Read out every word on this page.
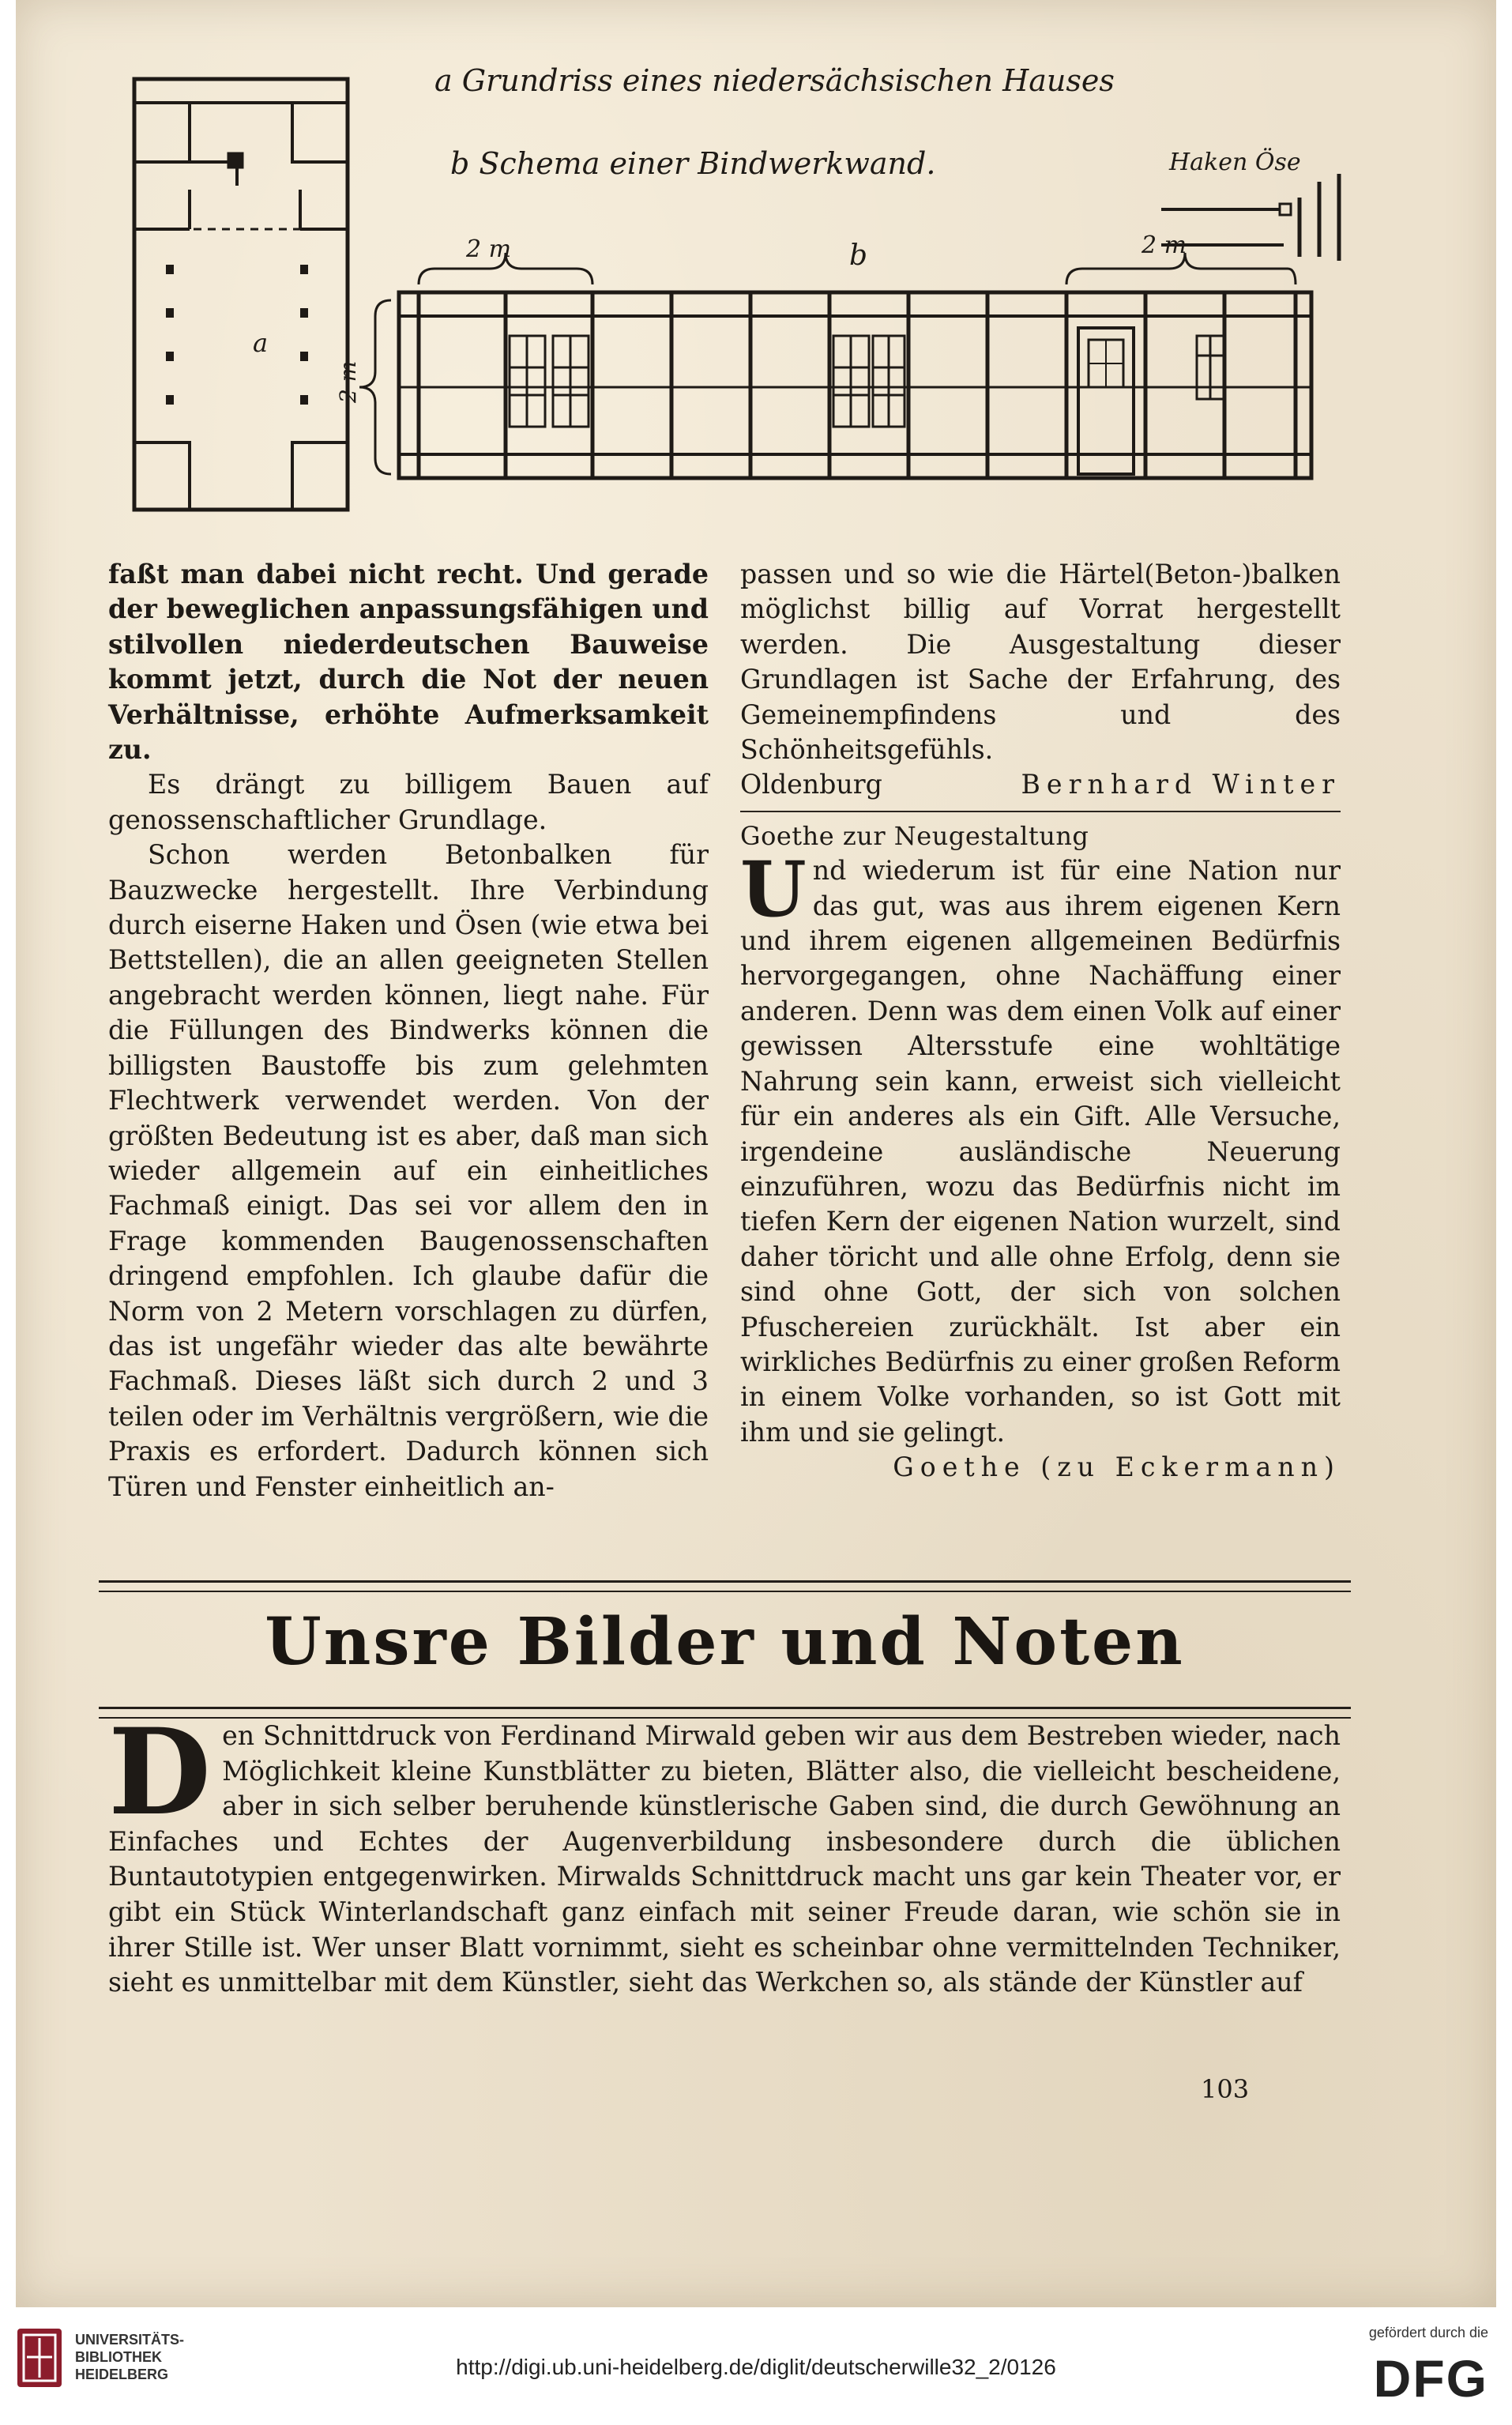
a Grundriss eines niedersächsischen Hauses
b Schema einer Bindwerkwand.	Haken Öse
a
b
2 m	2 m
2 m

faßt man dabei nicht recht. Und gerade der beweglichen anpassungsfähigen und stilvollen niederdeutschen Bauweise kommt jetzt, durch die Not der neuen Verhältnisse, erhöhte Aufmerksamkeit zu.

Es drängt zu billigem Bauen auf genossenschaftlicher Grundlage.

Schon werden Betonbalken für Bauzwecke hergestellt. Ihre Verbindung durch eiserne Haken und Ösen (wie etwa bei Bettstellen), die an allen geeigneten Stellen angebracht werden können, liegt nahe. Für die Füllungen des Bindwerks können die billigsten Baustoffe bis zum gelehmten Flechtwerk verwendet werden. Von der größten Bedeutung ist es aber, daß man sich wieder allgemein auf ein einheitliches Fachmaß einigt. Das sei vor allem den in Frage kommenden Baugenossenschaften dringend empfohlen. Ich glaube dafür die Norm von 2 Metern vorschlagen zu dürfen, das ist ungefähr wieder das alte bewährte Fachmaß. Dieses läßt sich durch 2 und 3 teilen oder im Verhältnis vergrößern, wie die Praxis es erfordert. Dadurch können sich Türen und Fenster einheitlich an-

passen und so wie die Härtel(Beton-)balken möglichst billig auf Vorrat hergestellt werden. Die Ausgestaltung dieser Grundlagen ist Sache der Erfahrung, des Gemeinempfindens und des Schönheitsgefühls.

Oldenburg	Bernhard Winter

Goethe zur Neugestaltung

Und wiederum ist für eine Nation nur das gut, was aus ihrem eigenen Kern und ihrem eigenen allgemeinen Bedürfnis hervorgegangen, ohne Nachäffung einer anderen. Denn was dem einen Volk auf einer gewissen Altersstufe eine wohltätige Nahrung sein kann, erweist sich vielleicht für ein anderes als ein Gift. Alle Versuche, irgendeine ausländische Neuerung einzuführen, wozu das Bedürfnis nicht im tiefen Kern der eigenen Nation wurzelt, sind daher töricht und alle ohne Erfolg, denn sie sind ohne Gott, der sich von solchen Pfuschereien zurückhält. Ist aber ein wirkliches Bedürfnis zu einer großen Reform in einem Volke vorhanden, so ist Gott mit ihm und sie gelingt.

Goethe (zu Eckermann)

Unsre Bilder und Noten
Den Schnittdruck von Ferdinand Mirwald geben wir aus dem Bestreben wieder, nach Möglichkeit kleine Kunstblätter zu bieten, Blätter also, die vielleicht bescheidene, aber in sich selber beruhende künstlerische Gaben sind, die durch Gewöhnung an Einfaches und Echtes der Augenverbildung insbesondere durch die üblichen Buntautotypien entgegenwirken. Mirwalds Schnittdruck macht uns gar kein Theater vor, er gibt ein Stück Winterlandschaft ganz einfach mit seiner Freude daran, wie schön sie in ihrer Stille ist. Wer unser Blatt vornimmt, sieht es scheinbar ohne vermittelnden Techniker, sieht es unmittelbar mit dem Künstler, sieht das Werkchen so, als stände der Künstler auf
103
UNIVERSITÄTS-
BIBLIOTHEK
HEIDELBERG	http://digi.ub.uni-heidelberg.de/diglit/deutscherwille32_2/0126
gefördert durch die
DFG
